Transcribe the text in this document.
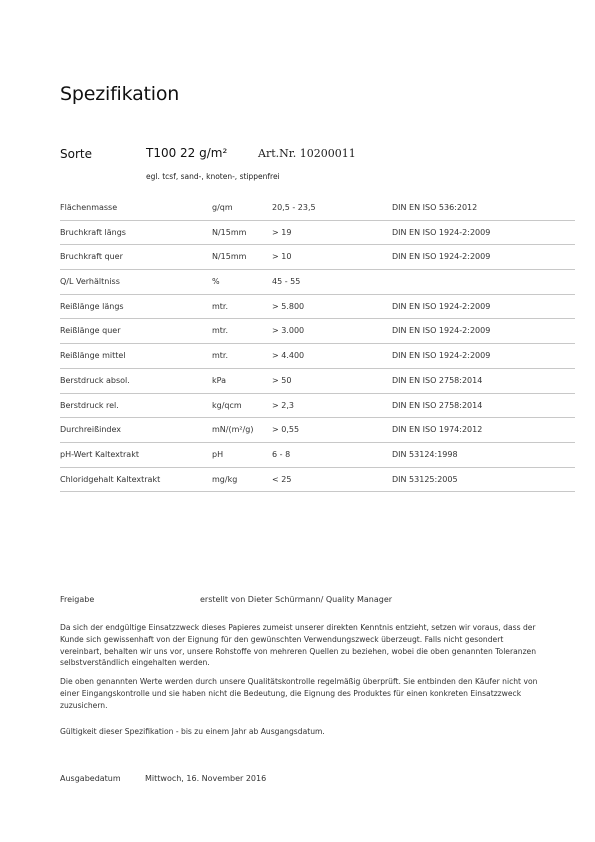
Spezifikation
Sorte	T100 22 g/m²	Art.Nr. 10200011
egl. tcsf, sand-, knoten-, stippenfrei
Flächenmasse	g/qm	20,5 - 23,5	DIN EN ISO 536:2012
Bruchkraft längs	N/15mm	> 19	DIN EN ISO 1924-2:2009
Bruchkraft quer	N/15mm	> 10	DIN EN ISO 1924-2:2009
Q/L Verhältniss	%	45 - 55
Reißlänge längs	mtr.	> 5.800	DIN EN ISO 1924-2:2009
Reißlänge quer	mtr.	> 3.000	DIN EN ISO 1924-2:2009
Reißlänge mittel	mtr.	> 4.400	DIN EN ISO 1924-2:2009
Berstdruck absol.	kPa	> 50	DIN EN ISO 2758:2014
Berstdruck rel.	kg/qcm	> 2,3	DIN EN ISO 2758:2014
Durchreißindex	mN/(m²/g) > 0,55	DIN EN ISO 1974:2012
pH-Wert Kaltextrakt	pH	6 - 8	DIN 53124:1998
Chloridgehalt Kaltextrakt	mg/kg	< 25	DIN 53125:2005
Freigabe	erstellt von Dieter Schürmann/ Quality Manager
Da sich der endgültige Einsatzzweck dieses Papieres zumeist unserer direkten Kenntnis entzieht, setzen wir voraus, dass der Kunde sich gewissenhaft von der Eignung für den gewünschten Verwendungszweck überzeugt. Falls nicht gesondert vereinbart, behalten wir uns vor, unsere Rohstoffe von mehreren Quellen zu beziehen, wobei die oben genannten Toleranzen selbstverständlich eingehalten werden.
Die oben genannten Werte werden durch unsere Qualitätskontrolle regelmäßig überprüft. Sie entbinden den Käufer nicht von einer Eingangskontrolle und sie haben nicht die Bedeutung, die Eignung des Produktes für einen konkreten Einsatzzweck zuzusichern.
Gültigkeit dieser Spezifikation - bis zu einem Jahr ab Ausgangsdatum.
Ausgabedatum	Mittwoch, 16. November 2016
